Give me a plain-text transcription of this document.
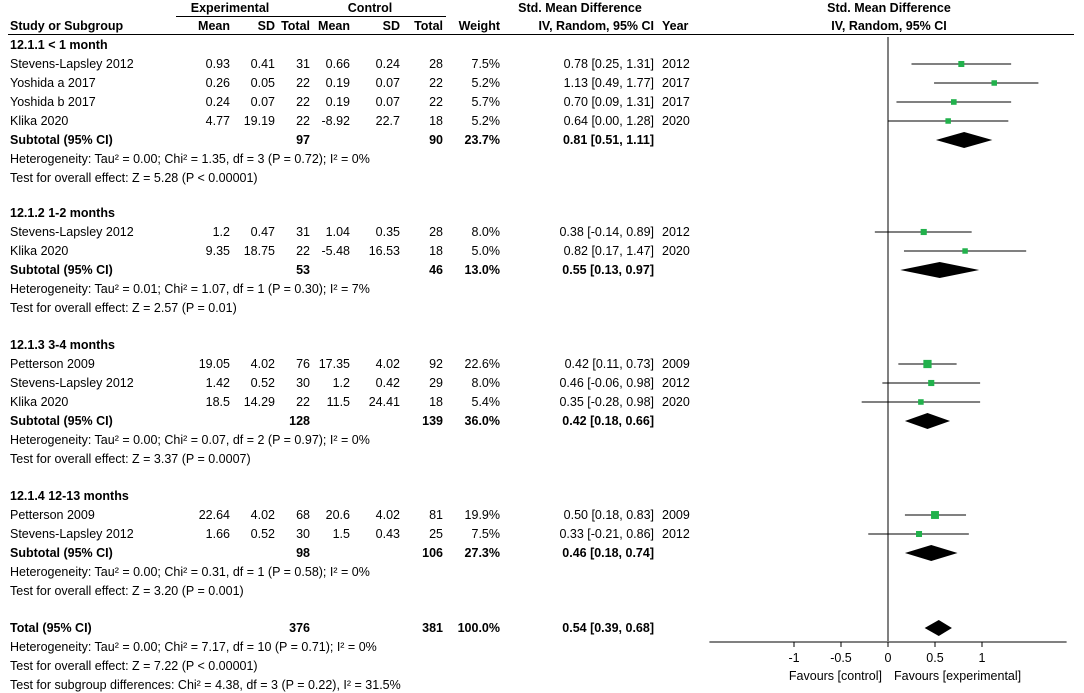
Experimental	Control	Std. Mean Difference	Std. Mean Difference
Study or Subgroup	Mean	SD Total Mean	SD	Total	Weight	IV, Random, 95% CI Year	IV, Random, 95% CI
12.1.1 < 1 month
Stevens-Lapsley 2012	0.93	0.41	31	0.66	0.24	28	7.5%	0.78 [0.25, 1.31] 2012
Yoshida a 2017	0.26	0.05	22	0.19	0.07	22	5.2%	1.13 [0.49, 1.77] 2017
Yoshida b 2017	0.24	0.07	22	0.19	0.07	22	5.7%	0.70 [0.09, 1.31] 2017
Klika 2020	4.77	19.19	22 -8.92	22.7	18	5.2%	0.64 [0.00, 1.28] 2020
Subtotal (95% CI)	97	90	23.7%	0.81 [0.51, 1.11]
Heterogeneity: Tau² = 0.00; Chi² = 1.35, df = 3 (P = 0.72); I² = 0%
Test for overall effect: Z = 5.28 (P < 0.00001)
12.1.2 1-2 months
Stevens-Lapsley 2012	1.2	0.47	31	1.04	0.35	28	8.0%	0.38 [-0.14, 0.89] 2012
Klika 2020	9.35	18.75	22 -5.48	16.53	18	5.0%	0.82 [0.17, 1.47] 2020
Subtotal (95% CI)	53	46	13.0%	0.55 [0.13, 0.97]
Heterogeneity: Tau² = 0.01; Chi² = 1.07, df = 1 (P = 0.30); I² = 7%
Test for overall effect: Z = 2.57 (P = 0.01)
12.1.3 3-4 months
Petterson 2009	19.05	4.02	76 17.35	4.02	92	22.6%	0.42 [0.11, 0.73] 2009
Stevens-Lapsley 2012	1.42	0.52	30	1.2	0.42	29	8.0%	0.46 [-0.06, 0.98] 2012
Klika 2020	18.5	14.29	22	11.5	24.41	18	5.4%	0.35 [-0.28, 0.98] 2020
Subtotal (95% CI)	128	139	36.0%	0.42 [0.18, 0.66]
Heterogeneity: Tau² = 0.00; Chi² = 0.07, df = 2 (P = 0.97); I² = 0%
Test for overall effect: Z = 3.37 (P = 0.0007)
12.1.4 12-13 months
Petterson 2009	22.64	4.02	68	20.6	4.02	81	19.9%	0.50 [0.18, 0.83] 2009
Stevens-Lapsley 2012	1.66	0.52	30	1.5	0.43	25	7.5%	0.33 [-0.21, 0.86] 2012
Subtotal (95% CI)	98	106	27.3%	0.46 [0.18, 0.74]
Heterogeneity: Tau² = 0.00; Chi² = 0.31, df = 1 (P = 0.58); I² = 0%
Test for overall effect: Z = 3.20 (P = 0.001)
Total (95% CI)	376	381	100.0%	0.54 [0.39, 0.68]
Heterogeneity: Tau² = 0.00; Chi² = 7.17, df = 10 (P = 0.71); I² = 0%
Test for overall effect: Z = 7.22 (P < 0.00001)
Test for subgroup differences: Chi² = 4.38, df = 3 (P = 0.22), I² = 31.5%
-1 -0.5	0	0.5	1
Favours [control] Favours [experimental]
